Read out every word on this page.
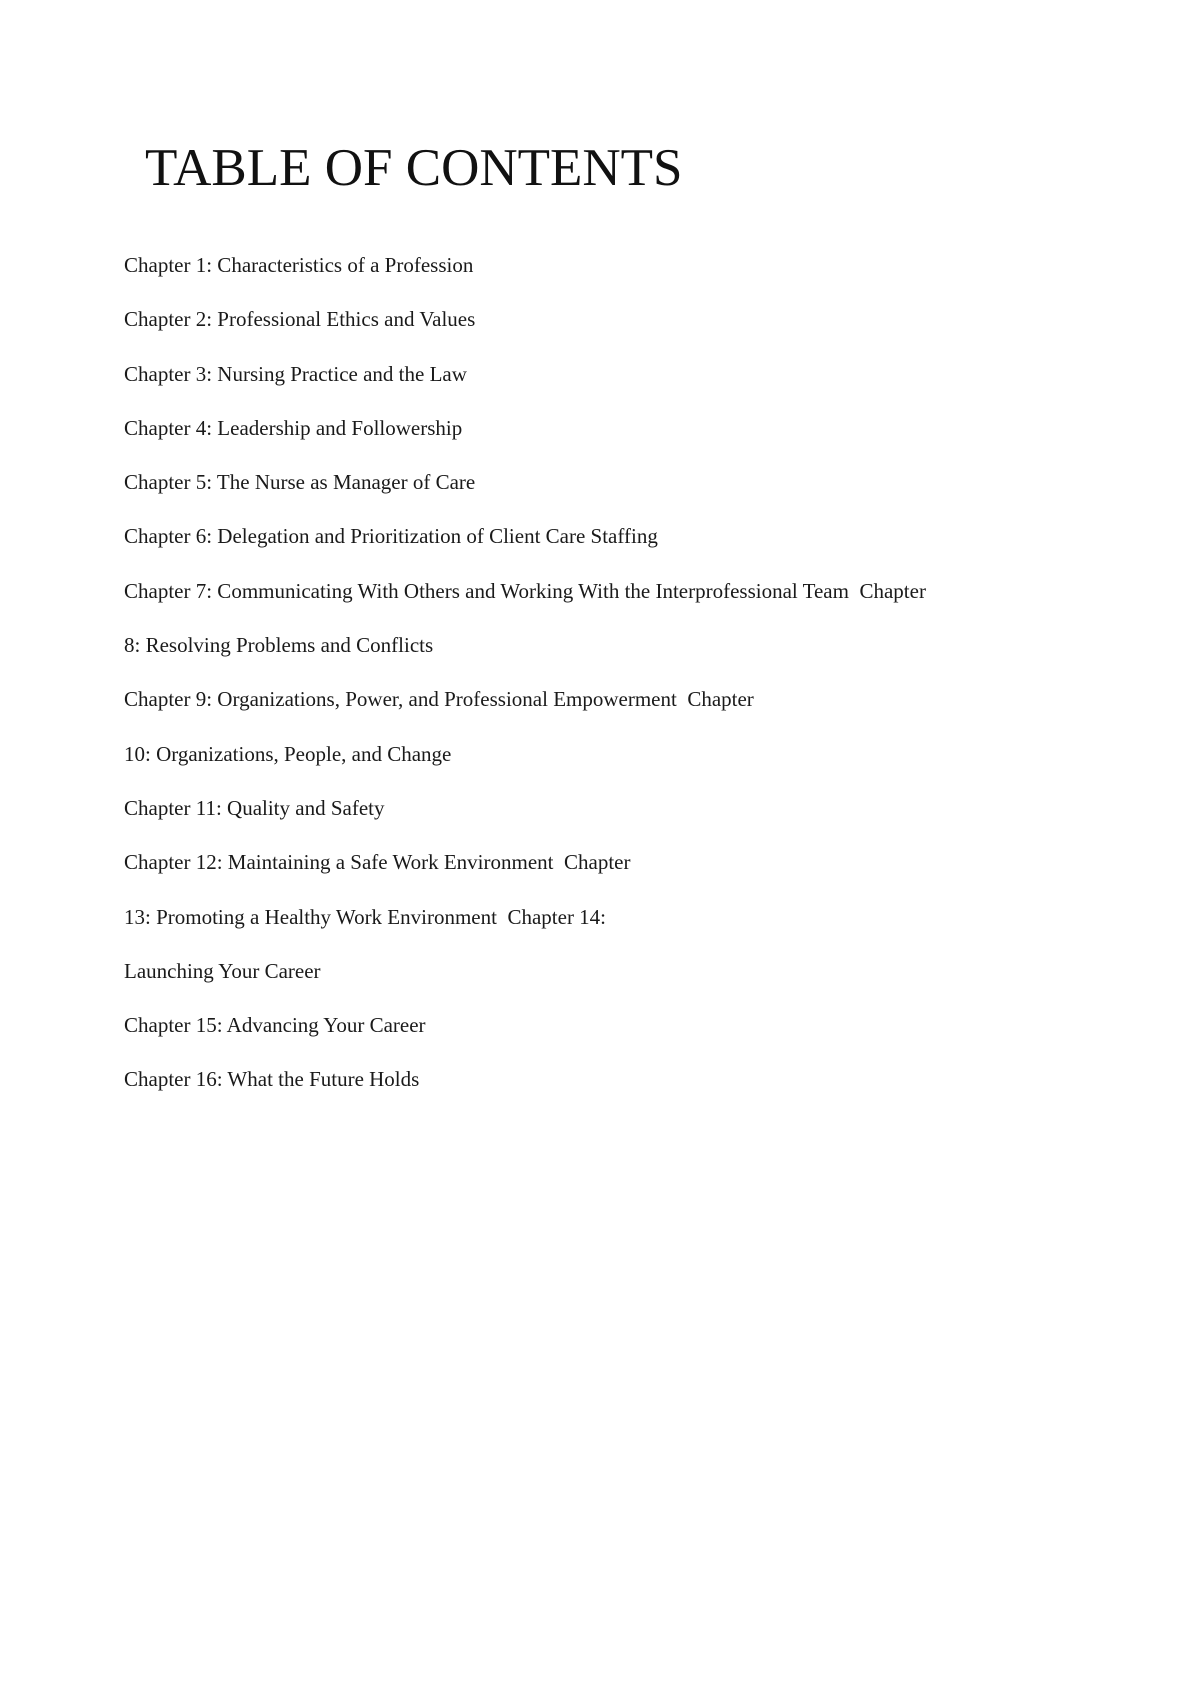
TABLE OF CONTENTS
Chapter 1: Characteristics of a Profession
Chapter 2: Professional Ethics and Values
Chapter 3: Nursing Practice and the Law
Chapter 4: Leadership and Followership
Chapter 5: The Nurse as Manager of Care
Chapter 6: Delegation and Prioritization of Client Care Staffing
Chapter 7: Communicating With Others and Working With the Interprofessional Team  Chapter
8: Resolving Problems and Conflicts
Chapter 9: Organizations, Power, and Professional Empowerment  Chapter
10: Organizations, People, and Change
Chapter 11: Quality and Safety
Chapter 12: Maintaining a Safe Work Environment  Chapter
13: Promoting a Healthy Work Environment  Chapter 14:
Launching Your Career
Chapter 15: Advancing Your Career
Chapter 16: What the Future Holds
